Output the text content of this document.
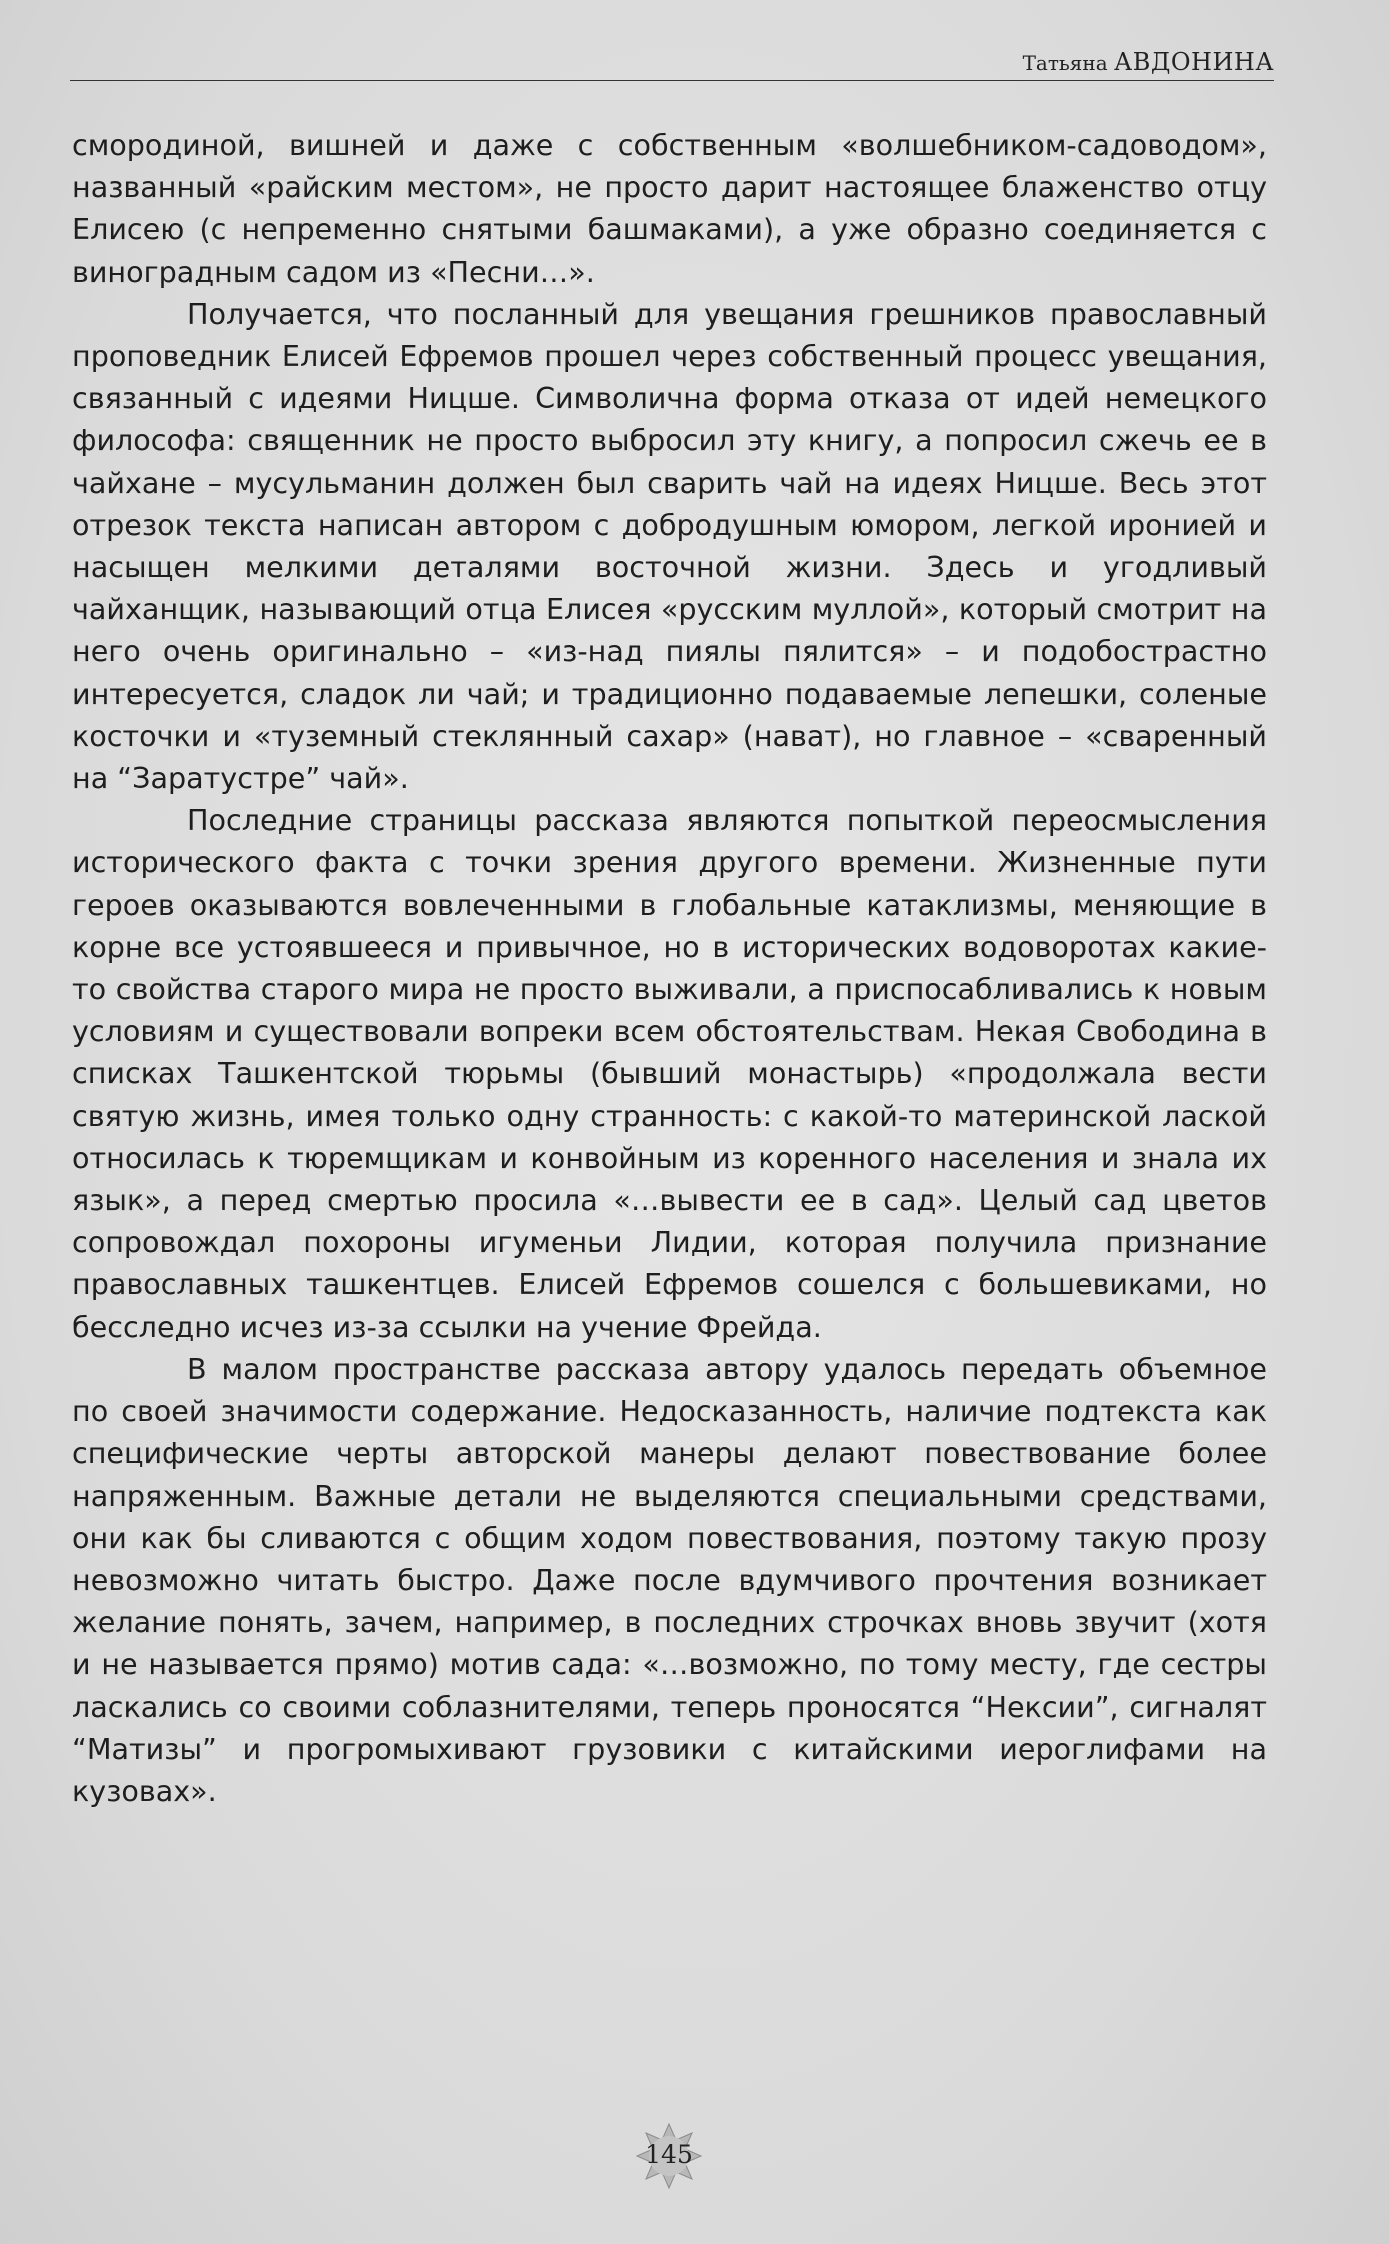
Татьяна АВДОНИНА

смородиной, вишней и даже с собственным «волшебником-садоводом», названный «райским местом», не просто дарит настоящее блаженство отцу Елисею (с непременно снятыми башмаками), а уже образно соединяется с виноградным садом из «Песни…».

Получается, что посланный для увещания грешников православный проповедник Елисей Ефремов прошел через собственный процесс увещания, связанный с идеями Ницше. Символична форма отказа от идей немецкого философа: священник не просто выбросил эту книгу, а попросил сжечь ее в чайхане – мусульманин должен был сварить чай на идеях Ницше. Весь этот отрезок текста написан автором с добродушным юмором, легкой иронией и насыщен мелкими деталями восточной жизни. Здесь и угодливый чайханщик, называющий отца Елисея «русским муллой», который смотрит на него очень оригинально – «из-над пиялы пялится» – и подобострастно интересуется, сладок ли чай; и традиционно подаваемые лепешки, соленые косточки и «туземный стеклянный сахар» (нават), но главное – «сваренный на “Заратустре” чай».

Последние страницы рассказа являются попыткой переосмысления исторического факта с точки зрения другого времени. Жизненные пути героев оказываются вовлеченными в глобальные катаклизмы, меняющие в корне все устоявшееся и привычное, но в исторических водоворотах какие-то свойства старого мира не просто выживали, а приспосабливались к новым условиям и существовали вопреки всем обстоятельствам. Некая Свободина в списках Ташкентской тюрьмы (бывший монастырь) «продолжала вести святую жизнь, имея только одну странность: с какой-то материнской лаской относилась к тюремщикам и конвойным из коренного населения и знала их язык», а перед смертью просила «…вывести ее в сад». Целый сад цветов сопровождал похороны игуменьи Лидии, которая получила признание православных ташкентцев. Елисей Ефремов сошелся с большевиками, но бесследно исчез из-за ссылки на учение Фрейда.

В малом пространстве рассказа автору удалось передать объемное по своей значимости содержание. Недосказанность, наличие подтекста как специфические черты авторской манеры делают повествование более напряженным. Важные детали не выделяются специальными средствами, они как бы сливаются с общим ходом повествования, поэтому такую прозу невозможно читать быстро. Даже после вдумчивого прочтения возникает желание понять, зачем, например, в последних строчках вновь звучит (хотя и не называется прямо) мотив сада: «…возможно, по тому месту, где сестры ласкались со своими соблазнителями, теперь проносятся “Нексии”, сигналят “Матизы” и прогромыхивают грузовики с китайскими иероглифами на кузовах».

145
